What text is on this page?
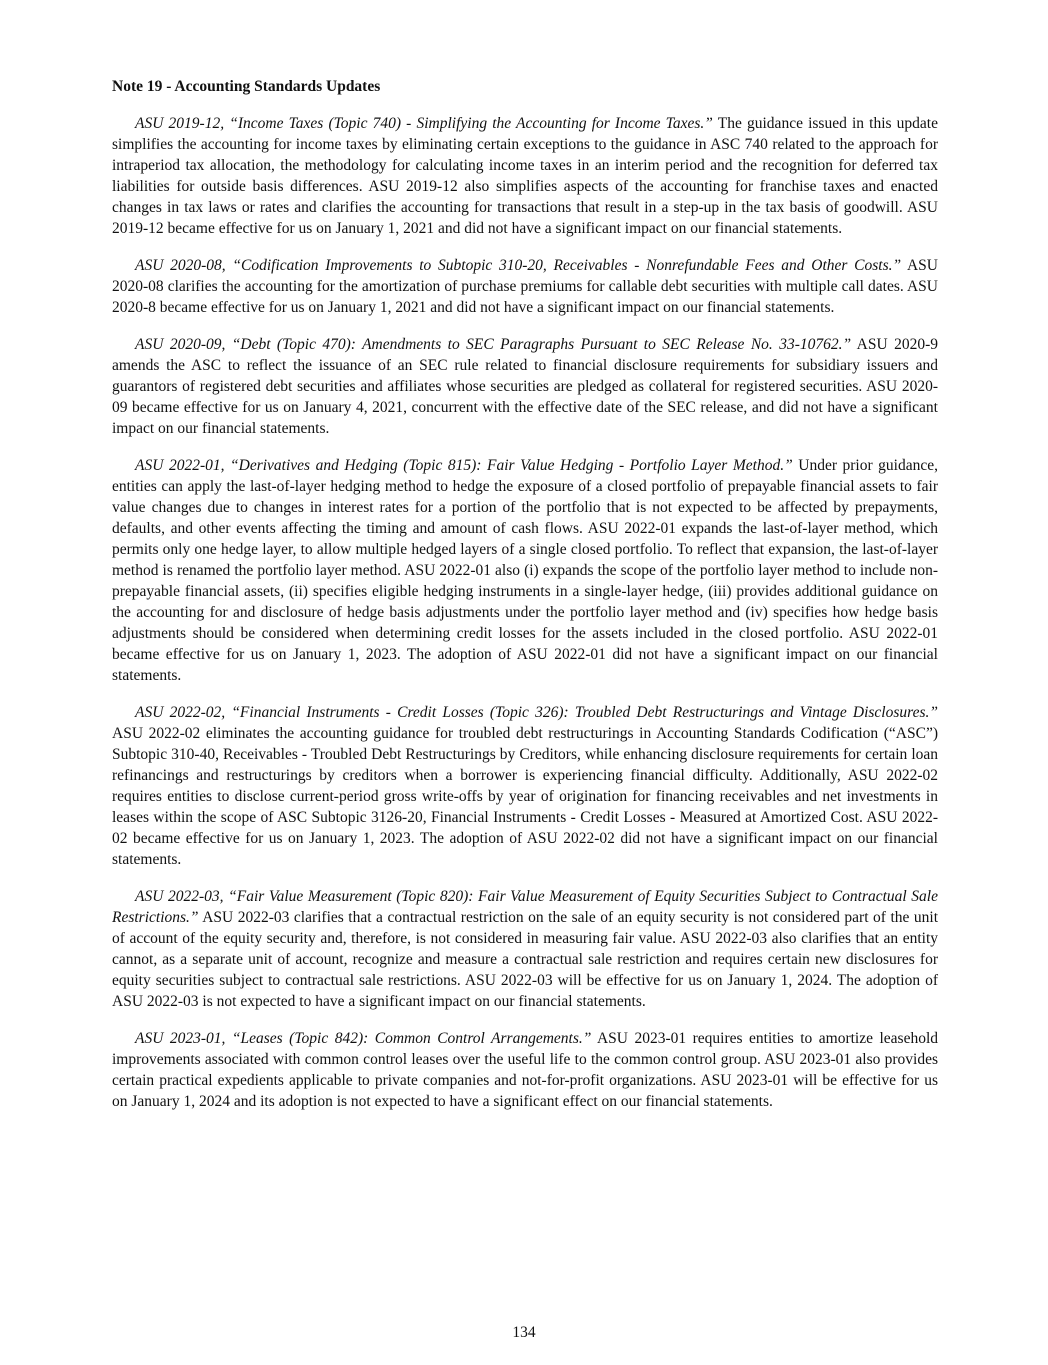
Note 19 - Accounting Standards Updates

ASU 2019-12, “Income Taxes (Topic 740) - Simplifying the Accounting for Income Taxes.” The guidance issued in this update simplifies the accounting for income taxes by eliminating certain exceptions to the guidance in ASC 740 related to the approach for intraperiod tax allocation, the methodology for calculating income taxes in an interim period and the recognition for deferred tax liabilities for outside basis differences. ASU 2019-12 also simplifies aspects of the accounting for franchise taxes and enacted changes in tax laws or rates and clarifies the accounting for transactions that result in a step-up in the tax basis of goodwill. ASU 2019-12 became effective for us on January 1, 2021 and did not have a significant impact on our financial statements.

ASU 2020-08, “Codification Improvements to Subtopic 310-20, Receivables - Nonrefundable Fees and Other Costs.” ASU 2020-08 clarifies the accounting for the amortization of purchase premiums for callable debt securities with multiple call dates. ASU 2020-8 became effective for us on January 1, 2021 and did not have a significant impact on our financial statements.

ASU 2020-09, “Debt (Topic 470): Amendments to SEC Paragraphs Pursuant to SEC Release No. 33-10762.” ASU 2020-9 amends the ASC to reflect the issuance of an SEC rule related to financial disclosure requirements for subsidiary issuers and guarantors of registered debt securities and affiliates whose securities are pledged as collateral for registered securities. ASU 2020-09 became effective for us on January 4, 2021, concurrent with the effective date of the SEC release, and did not have a significant impact on our financial statements.

ASU 2022-01, “Derivatives and Hedging (Topic 815): Fair Value Hedging - Portfolio Layer Method.” Under prior guidance, entities can apply the last-of-layer hedging method to hedge the exposure of a closed portfolio of prepayable financial assets to fair value changes due to changes in interest rates for a portion of the portfolio that is not expected to be affected by prepayments, defaults, and other events affecting the timing and amount of cash flows. ASU 2022-01 expands the last-of-layer method, which permits only one hedge layer, to allow multiple hedged layers of a single closed portfolio. To reflect that expansion, the last-of-layer method is renamed the portfolio layer method. ASU 2022-01 also (i) expands the scope of the portfolio layer method to include non-prepayable financial assets, (ii) specifies eligible hedging instruments in a single-layer hedge, (iii) provides additional guidance on the accounting for and disclosure of hedge basis adjustments under the portfolio layer method and (iv) specifies how hedge basis adjustments should be considered when determining credit losses for the assets included in the closed portfolio. ASU 2022-01 became effective for us on January 1, 2023. The adoption of ASU 2022-01 did not have a significant impact on our financial statements.

ASU 2022-02, “Financial Instruments - Credit Losses (Topic 326): Troubled Debt Restructurings and Vintage Disclosures.” ASU 2022-02 eliminates the accounting guidance for troubled debt restructurings in Accounting Standards Codification (“ASC”) Subtopic 310-40, Receivables - Troubled Debt Restructurings by Creditors, while enhancing disclosure requirements for certain loan refinancings and restructurings by creditors when a borrower is experiencing financial difficulty. Additionally, ASU 2022-02 requires entities to disclose current-period gross write-offs by year of origination for financing receivables and net investments in leases within the scope of ASC Subtopic 3126-20, Financial Instruments - Credit Losses - Measured at Amortized Cost. ASU 2022-02 became effective for us on January 1, 2023. The adoption of ASU 2022-02 did not have a significant impact on our financial statements.

ASU 2022-03, “Fair Value Measurement (Topic 820): Fair Value Measurement of Equity Securities Subject to Contractual Sale Restrictions.” ASU 2022-03 clarifies that a contractual restriction on the sale of an equity security is not considered part of the unit of account of the equity security and, therefore, is not considered in measuring fair value. ASU 2022-03 also clarifies that an entity cannot, as a separate unit of account, recognize and measure a contractual sale restriction and requires certain new disclosures for equity securities subject to contractual sale restrictions. ASU 2022-03 will be effective for us on January 1, 2024. The adoption of ASU 2022-03 is not expected to have a significant impact on our financial statements.

ASU 2023-01, “Leases (Topic 842): Common Control Arrangements.” ASU 2023-01 requires entities to amortize leasehold improvements associated with common control leases over the useful life to the common control group. ASU 2023-01 also provides certain practical expedients applicable to private companies and not-for-profit organizations. ASU 2023-01 will be effective for us on January 1, 2024 and its adoption is not expected to have a significant effect on our financial statements.

134
